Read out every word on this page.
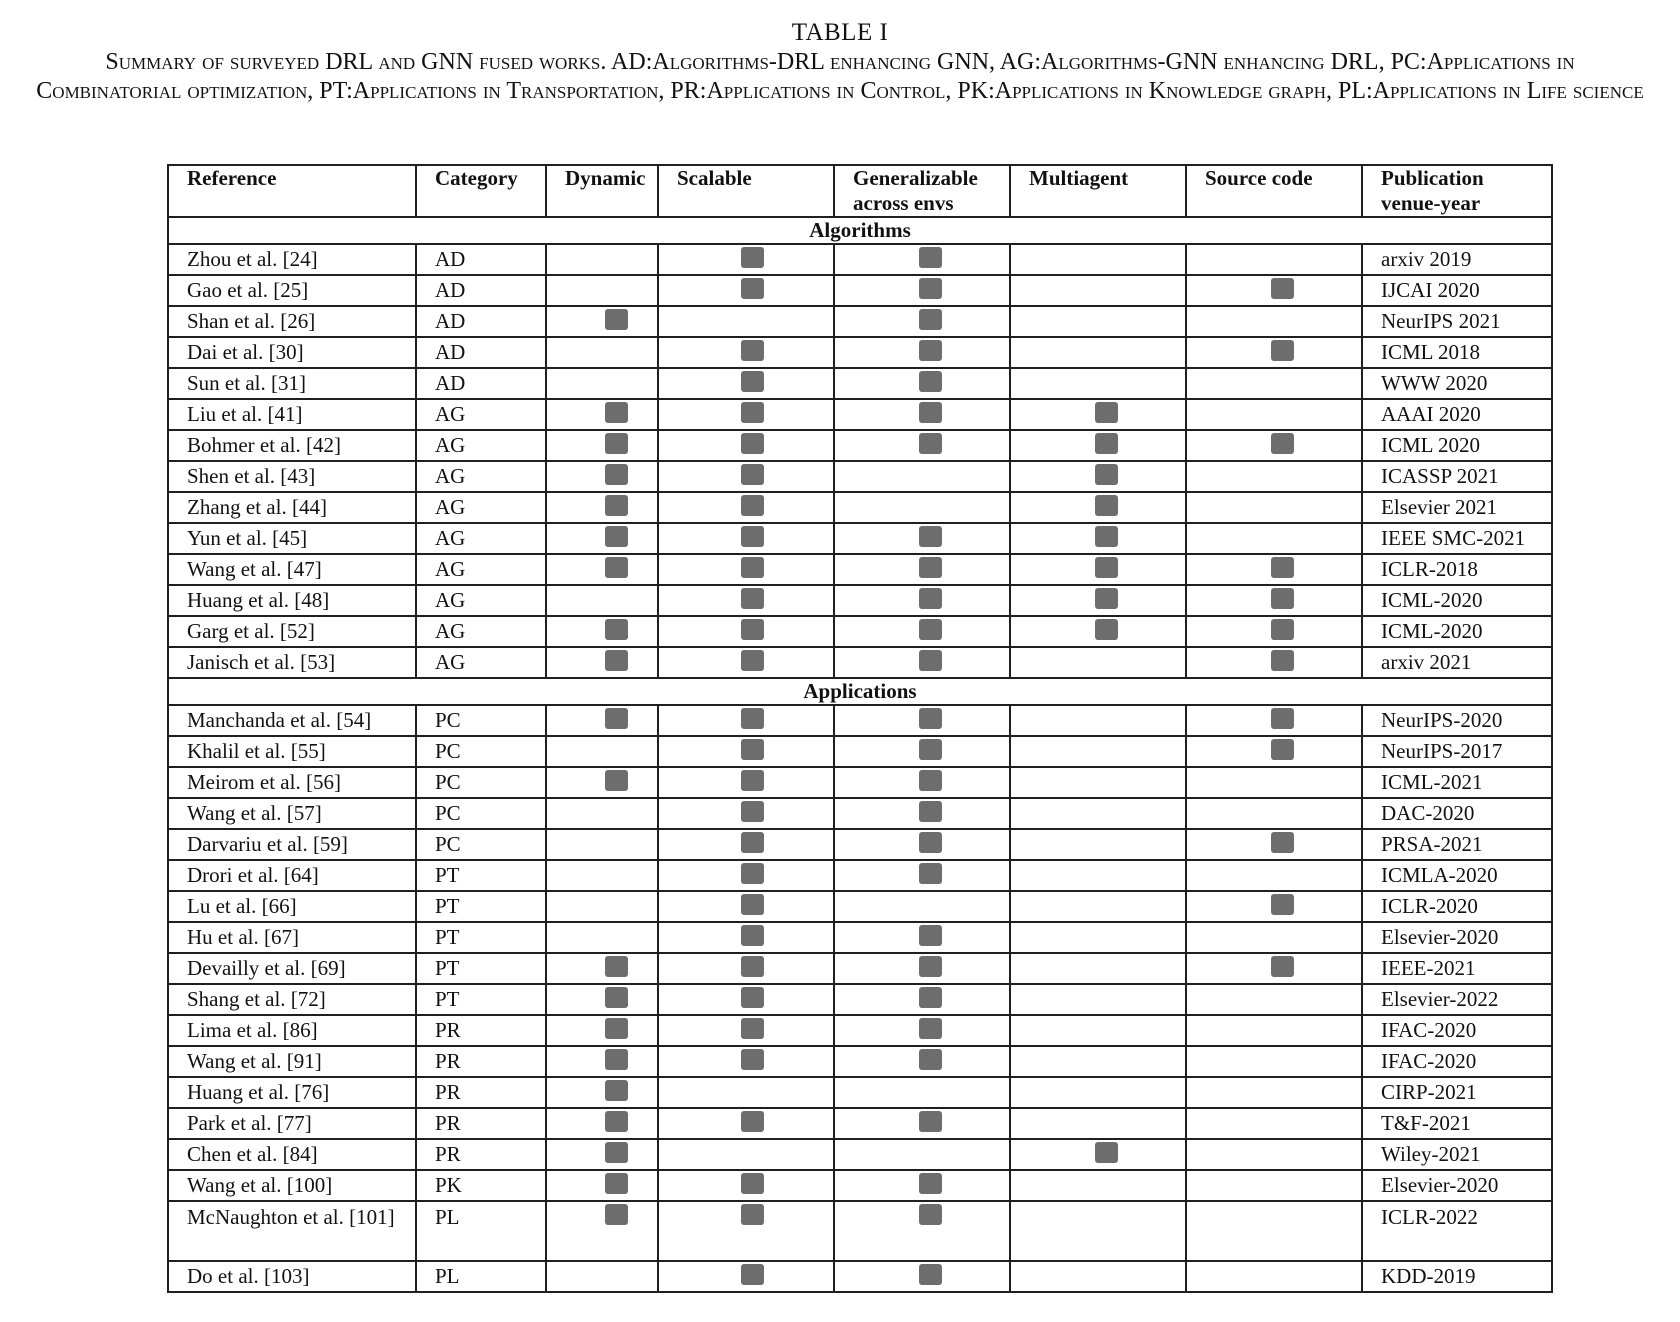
TABLE I
Summary of surveyed DRL and GNN fused works. AD:Algorithms-DRL enhancing GNN, AG:Algorithms-GNN enhancing DRL, PC:Applications in Combinatorial optimization, PT:Applications in Transportation, PR:Applications in Control, PK:Applications in Knowledge graph, PL:Applications in Life science
Reference	Category	Dynamic	Scalable	Generalizable across envs	Multiagent	Source code	Publication venue-year
Algorithms							
Zhou et al. [24]	AD						arxiv 2019
Gao et al. [25]	AD						IJCAI 2020
Shan et al. [26]	AD						NeurIPS 2021
Dai et al. [30]	AD						ICML 2018
Sun et al. [31]	AD						WWW 2020
Liu et al. [41]	AG						AAAI 2020
Bohmer et al. [42]	AG						ICML 2020
Shen et al. [43]	AG						ICASSP 2021
Zhang et al. [44]	AG						Elsevier 2021
Yun et al. [45]	AG						IEEE SMC-2021
Wang et al. [47]	AG						ICLR-2018
Huang et al. [48]	AG						ICML-2020
Garg et al. [52]	AG						ICML-2020
Janisch et al. [53]	AG						arxiv 2021
Applications							
Manchanda et al. [54]	PC						NeurIPS-2020
Khalil et al. [55]	PC						NeurIPS-2017
Meirom et al. [56]	PC						ICML-2021
Wang et al. [57]	PC						DAC-2020
Darvariu et al. [59]	PC						PRSA-2021
Drori et al. [64]	PT						ICMLA-2020
Lu et al. [66]	PT						ICLR-2020
Hu et al. [67]	PT						Elsevier-2020
Devailly et al. [69]	PT						IEEE-2021
Shang et al. [72]	PT						Elsevier-2022
Lima et al. [86]	PR						IFAC-2020
Wang et al. [91]	PR						IFAC-2020
Huang et al. [76]	PR						CIRP-2021
Park et al. [77]	PR						T&F-2021
Chen et al. [84]	PR						Wiley-2021
Wang et al. [100]	PK						Elsevier-2020
McNaughton et al. [101]	PL						ICLR-2022
Do et al. [103]	PL						KDD-2019
